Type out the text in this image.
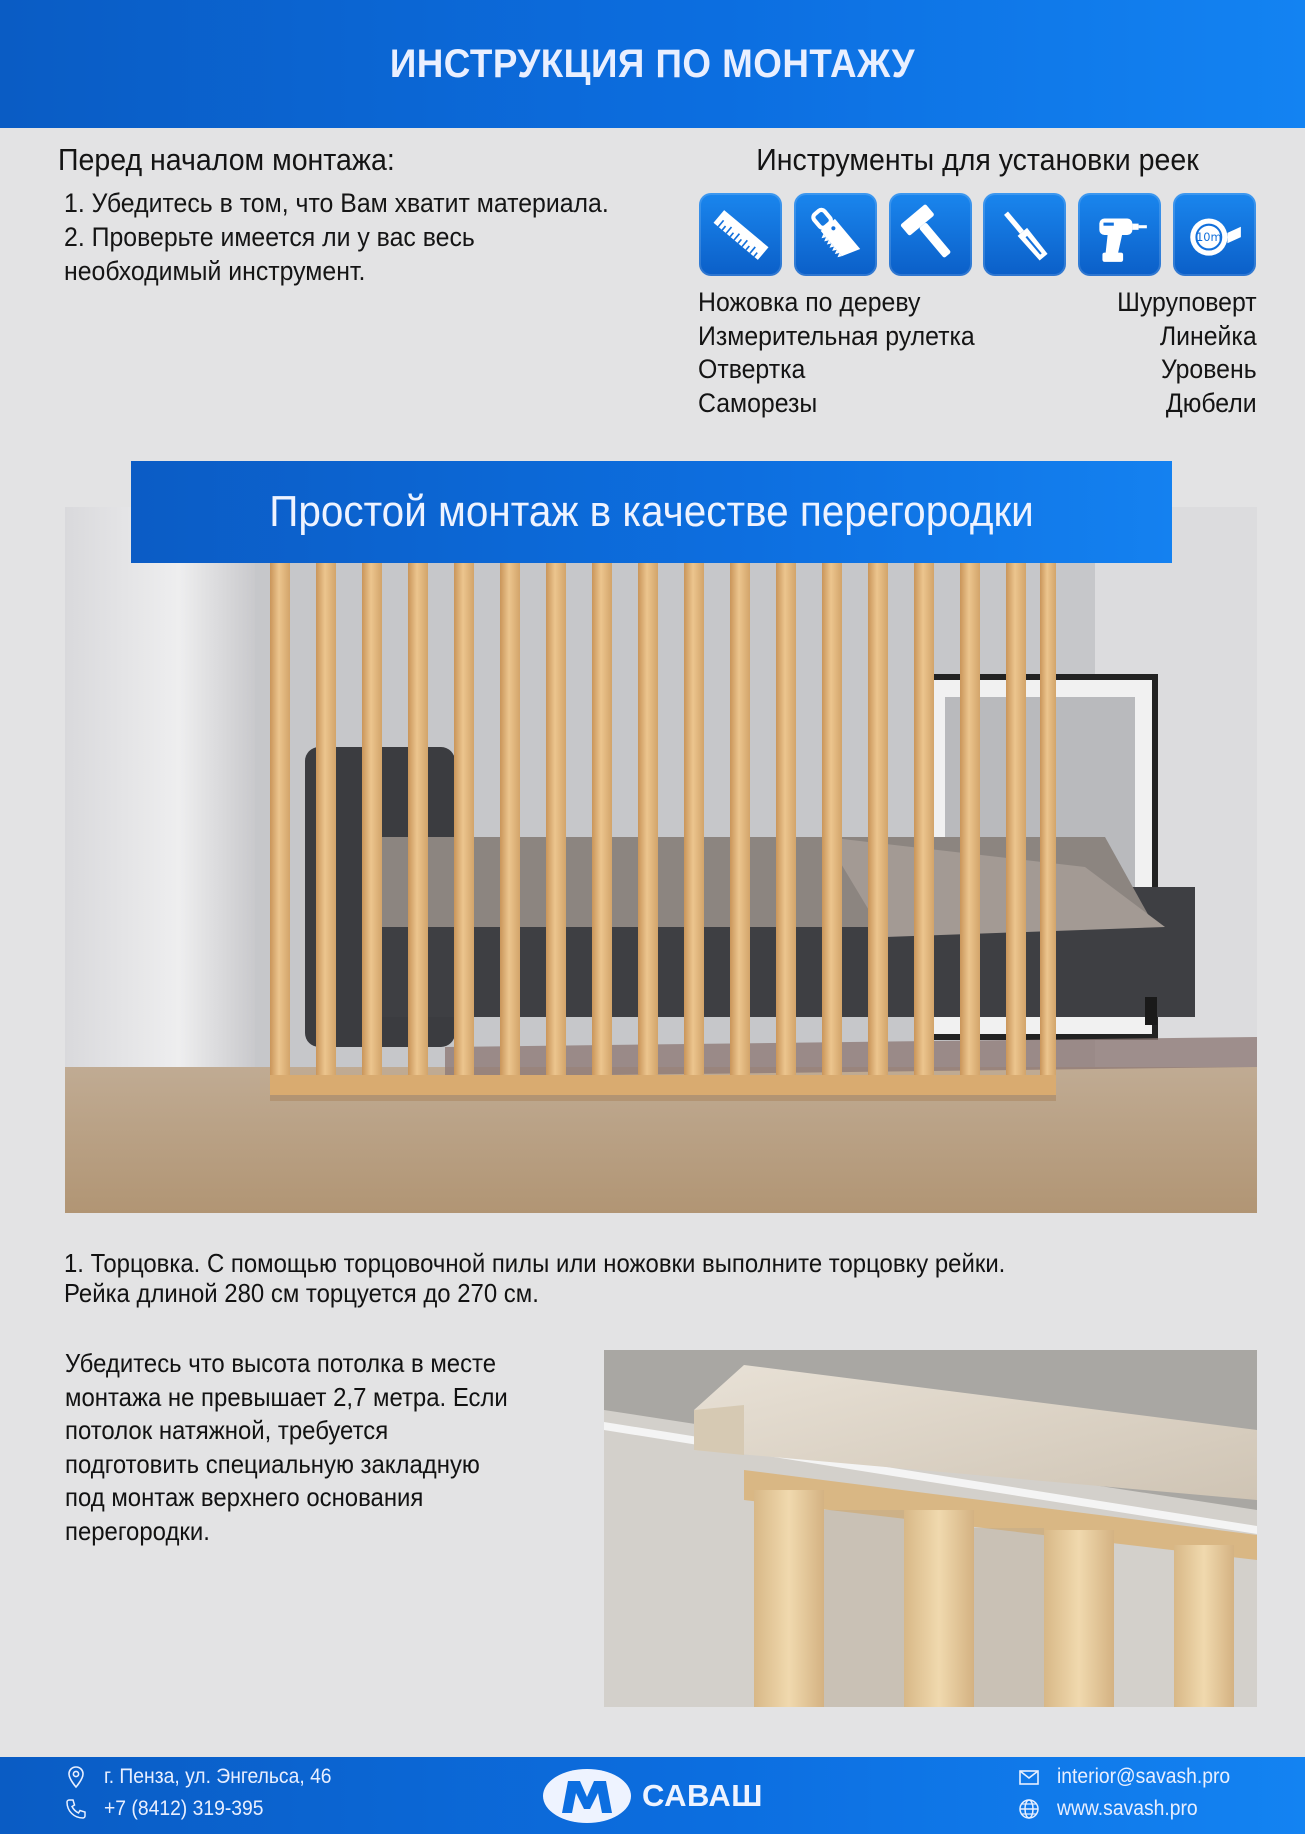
ИНСТРУКЦИЯ ПО МОНТАЖУ
Перед началом монтажа:

1. Убедитесь в том, что Вам хватит материала.

2. Проверьте имеется ли у вас весь

необходимый инструмент.

Инструменты для установки реек
10m
Ножовка по дереву
Измерительная рулетка
Отвертка
Саморезы
Шуруповерт
Линейка
Уровень
Дюбели
Простой монтаж в качестве перегородки

1. Торцовка. С помощью торцовочной пилы или ножовки выполните торцовку рейки.

Рейка длиной 280 см торцуется до 270 см.

Убедитесь что высота потолка в месте

монтажа не превышает 2,7 метра. Если

потолок натяжной, требуется

подготовить специальную закладную

под монтаж верхнего основания

перегородки.

г. Пенза, ул. Энгельса, 46
+7 (8412) 319-395	САВАШ
interior@savash.pro
www.savash.pro
